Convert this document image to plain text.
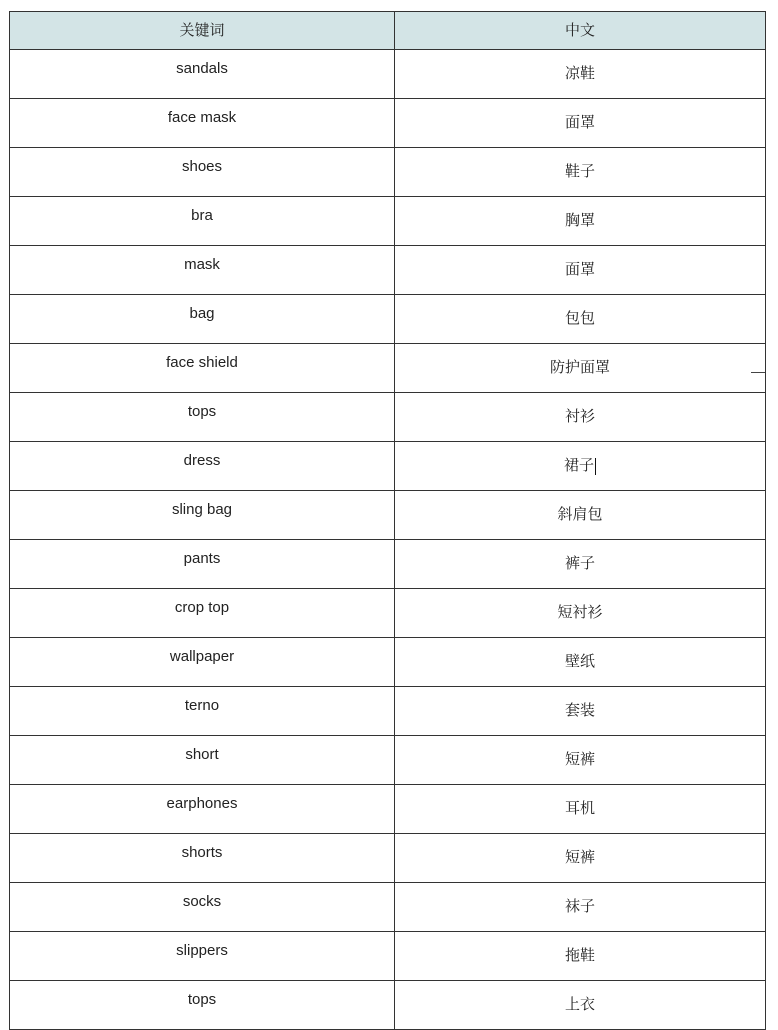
关键词	中文
sandals	凉鞋
face mask	面罩
shoes	鞋子
bra	胸罩
mask	面罩
bag	包包
face shield	防护面罩
tops	衬衫
dress	裙子
sling bag	斜肩包
pants	裤子
crop top	短衬衫
wallpaper	壁纸
terno	套装
short	短裤
earphones	耳机
shorts	短裤
socks	袜子
slippers	拖鞋
tops	上衣
